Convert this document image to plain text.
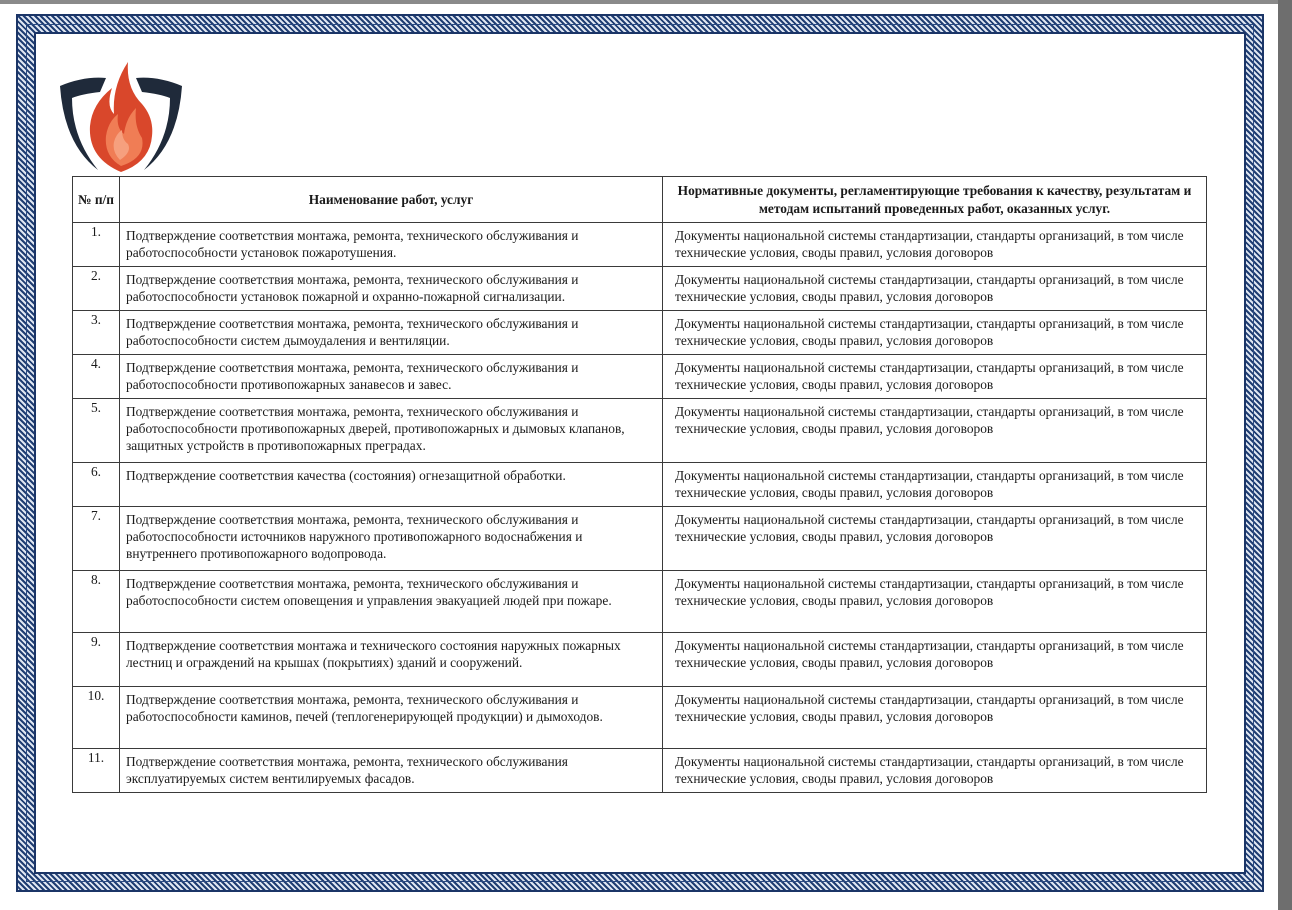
№ п/п	Наименование работ, услуг	Нормативные документы, регламентирующие требования к качеству, результатам и методам испытаний проведенных работ, оказанных услуг.
1.	Подтверждение соответствия монтажа, ремонта, технического обслуживания и работоспособности установок пожаротушения.	Документы национальной системы стандартизации, стандарты организаций, в том числе технические условия, своды правил, условия договоров
2.	Подтверждение соответствия монтажа, ремонта, технического обслуживания и работоспособности установок пожарной и охранно-пожарной сигнализации.	Документы национальной системы стандартизации, стандарты организаций, в том числе технические условия, своды правил, условия договоров
3.	Подтверждение соответствия монтажа, ремонта, технического обслуживания и работоспособности систем дымоудаления и вентиляции.	Документы национальной системы стандартизации, стандарты организаций, в том числе технические условия, своды правил, условия договоров
4.	Подтверждение соответствия монтажа, ремонта, технического обслуживания и работоспособности противопожарных занавесов и завес.	Документы национальной системы стандартизации, стандарты организаций, в том числе технические условия, своды правил, условия договоров
5.	Подтверждение соответствия монтажа, ремонта, технического обслуживания и работоспособности противопожарных дверей, противопожарных и дымовых клапанов, защитных устройств в противопожарных преградах.	Документы национальной системы стандартизации, стандарты организаций, в том числе технические условия, своды правил, условия договоров
6.	Подтверждение соответствия качества (состояния) огнезащитной обработки.	Документы национальной системы стандартизации, стандарты организаций, в том числе технические условия, своды правил, условия договоров
7.	Подтверждение соответствия монтажа, ремонта, технического обслуживания и работоспособности источников наружного противопожарного водоснабжения и внутреннего противопожарного водопровода.	Документы национальной системы стандартизации, стандарты организаций, в том числе технические условия, своды правил, условия договоров
8.	Подтверждение соответствия монтажа, ремонта, технического обслуживания и работоспособности систем оповещения и управления эвакуацией людей при пожаре.	Документы национальной системы стандартизации, стандарты организаций, в том числе технические условия, своды правил, условия договоров
9.	Подтверждение соответствия монтажа и технического состояния наружных пожарных лестниц и ограждений на крышах (покрытиях) зданий и сооружений.	Документы национальной системы стандартизации, стандарты организаций, в том числе технические условия, своды правил, условия договоров
10.	Подтверждение соответствия монтажа, ремонта, технического обслуживания и работоспособности каминов, печей (теплогенерирующей продукции) и дымоходов.	Документы национальной системы стандартизации, стандарты организаций, в том числе технические условия, своды правил, условия договоров
11.	Подтверждение соответствия монтажа, ремонта, технического обслуживания эксплуатируемых систем вентилируемых фасадов.	Документы национальной системы стандартизации, стандарты организаций, в том числе технические условия, своды правил, условия договоров
